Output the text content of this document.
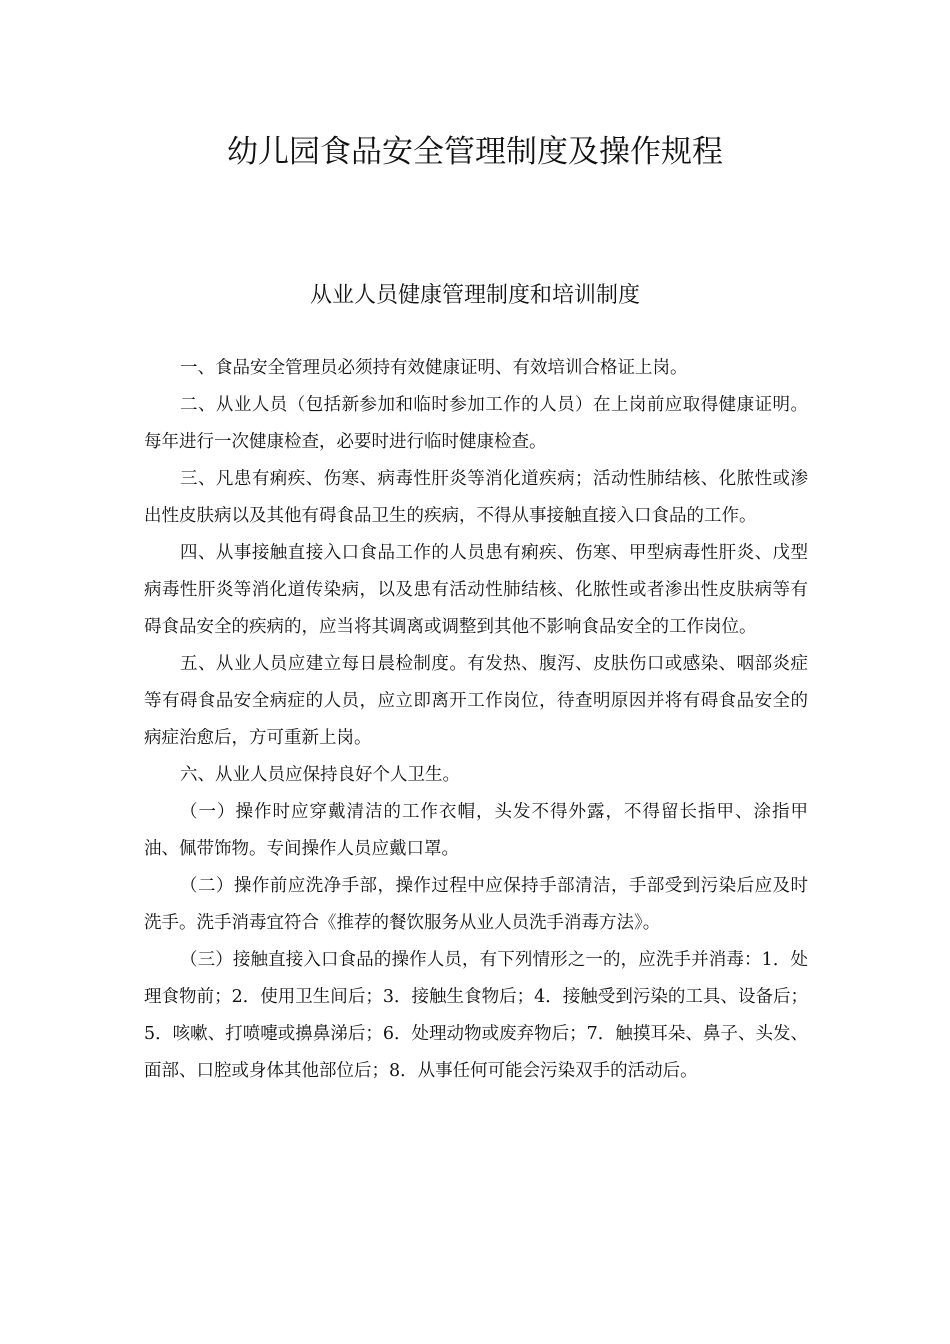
幼儿园食品安全管理制度及操作规程
从业人员健康管理制度和培训制度

一、食品安全管理员必须持有效健康证明、有效培训合格证上岗。

二、从业人员（包括新参加和临时参加工作的人员）在上岗前应取得健康证明。每年进行一次健康检查，必要时进行临时健康检查。

三、凡患有痢疾、伤寒、病毒性肝炎等消化道疾病；活动性肺结核、化脓性或渗出性皮肤病以及其他有碍食品卫生的疾病，不得从事接触直接入口食品的工作。

四、从事接触直接入口食品工作的人员患有痢疾、伤寒、甲型病毒性肝炎、戊型病毒性肝炎等消化道传染病，以及患有活动性肺结核、化脓性或者渗出性皮肤病等有碍食品安全的疾病的，应当将其调离或调整到其他不影响食品安全的工作岗位。

五、从业人员应建立每日晨检制度。有发热、腹泻、皮肤伤口或感染、咽部炎症等有碍食品安全病症的人员，应立即离开工作岗位，待查明原因并将有碍食品安全的病症治愈后，方可重新上岗。

六、从业人员应保持良好个人卫生。

（一）操作时应穿戴清洁的工作衣帽，头发不得外露，不得留长指甲、涂指甲油、佩带饰物。专间操作人员应戴口罩。

（二）操作前应洗净手部，操作过程中应保持手部清洁，手部受到污染后应及时洗手。洗手消毒宜符合《推荐的餐饮服务从业人员洗手消毒方法》。

（三）接触直接入口食品的操作人员，有下列情形之一的，应洗手并消毒：1．处理食物前；2．使用卫生间后；3．接触生食物后；4．接触受到污染的工具、设备后；5．咳嗽、打喷嚏或擤鼻涕后；6．处理动物或废弃物后；7．触摸耳朵、鼻子、头发、面部、口腔或身体其他部位后；8．从事任何可能会污染双手的活动后。
